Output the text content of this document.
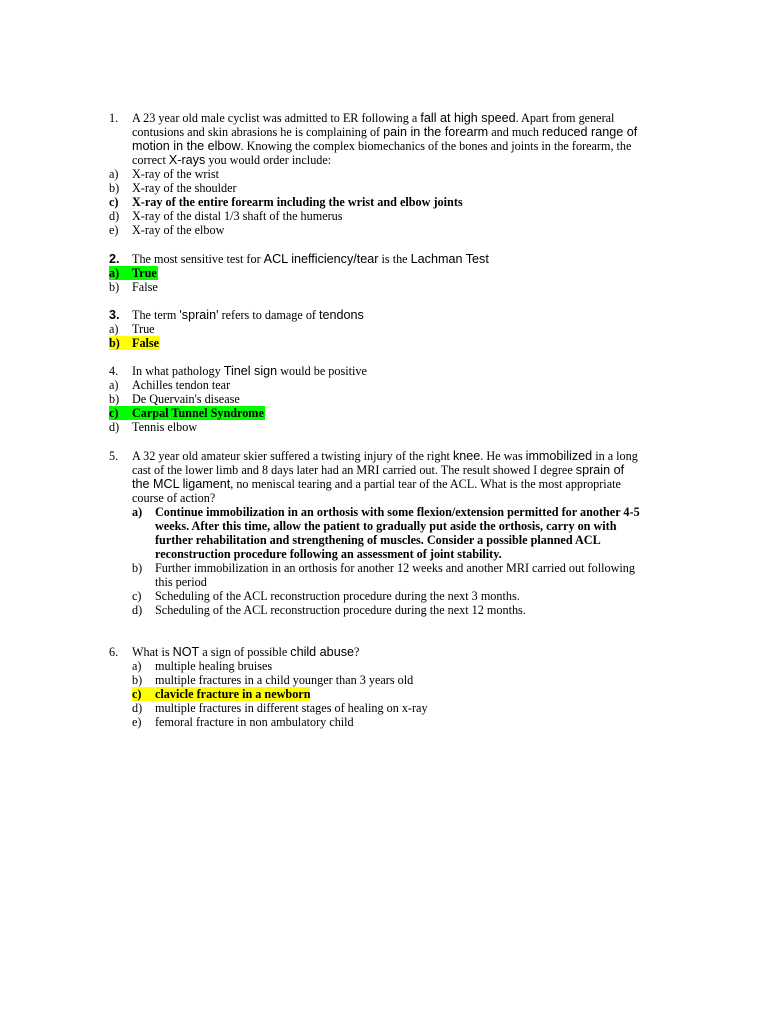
1. A 23 year old male cyclist was admitted to ER following a fall at high speed. Apart from general
contusions and skin abrasions he is complaining of pain in the forearm and much reduced range of
motion in the elbow. Knowing the complex biomechanics of the bones and joints in the forearm, the
correct X-rays you would order include:
a) X-ray of the wrist
b) X-ray of the shoulder
c) X-ray of the entire forearm including the wrist and elbow joints
d) X-ray of the distal 1/3 shaft of the humerus
e) X-ray of the elbow
2. The most sensitive test for ACL inefficiency/tear is the Lachman Test
a) True
b) False
3. The term 'sprain' refers to damage of tendons
a) True
b) False
4. In what pathology Tinel sign would be positive
a) Achilles tendon tear
b) De Quervain's disease
c) Carpal Tunnel Syndrome
d) Tennis elbow
5. A 32 year old amateur skier suffered a twisting injury of the right knee. He was immobilized in a long
cast of the lower limb and 8 days later had an MRI carried out. The result showed I degree sprain of
the MCL ligament, no meniscal tearing and a partial tear of the ACL. What is the most appropriate
course of action?
a) Continue immobilization in an orthosis with some flexion/extension permitted for another 4-5
weeks. After this time, allow the patient to gradually put aside the orthosis, carry on with
further rehabilitation and strengthening of muscles. Consider a possible planned ACL
reconstruction procedure following an assessment of joint stability.
b) Further immobilization in an orthosis for another 12 weeks and another MRI carried out following
this period
c) Scheduling of the ACL reconstruction procedure during the next 3 months.
d) Scheduling of the ACL reconstruction procedure during the next 12 months.
6. What is NOT a sign of possible child abuse?
a) multiple healing bruises
b) multiple fractures in a child younger than 3 years old
c) clavicle fracture in a newborn
d) multiple fractures in different stages of healing on x-ray
e) femoral fracture in non ambulatory child
